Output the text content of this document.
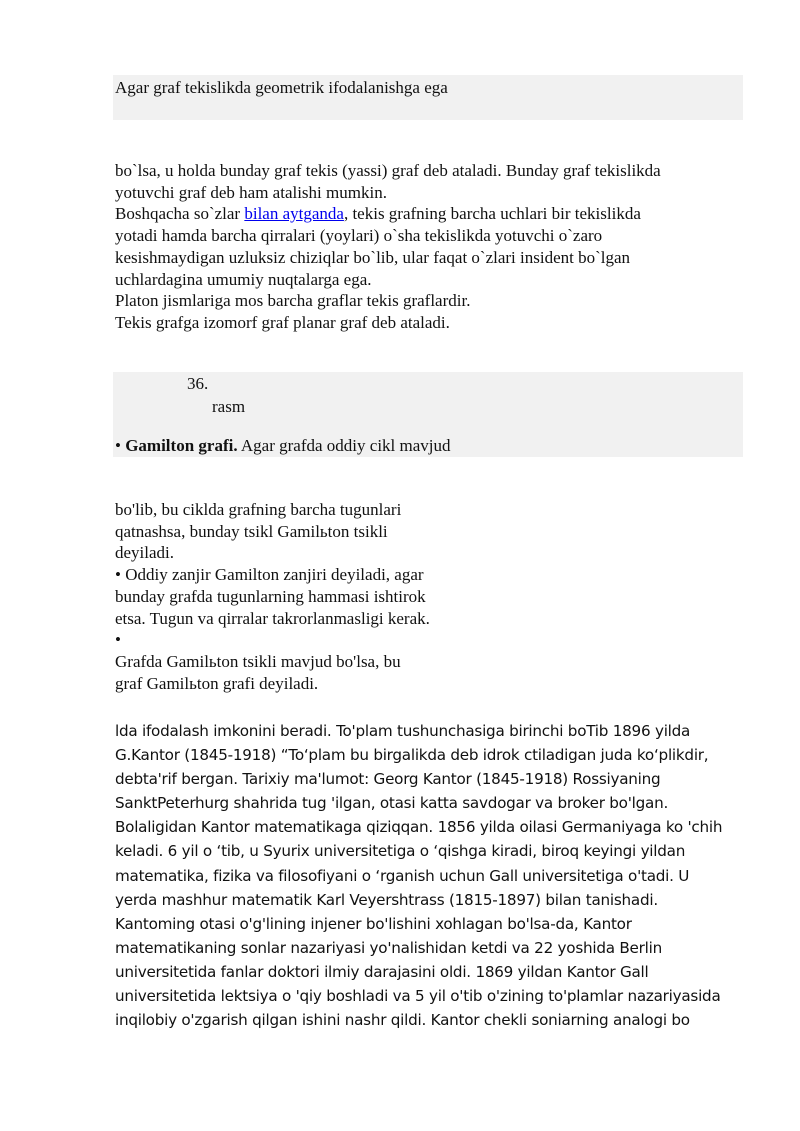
Agar graf tekislikda geometrik ifodalanishga ega

bo`lsa, u holda bunday graf tekis (yassi) graf deb ataladi. Bunday graf tekislikda

yotuvchi graf deb ham atalishi mumkin.

Boshqacha so`zlar bilan aytganda, tekis grafning barcha uchlari bir tekislikda

yotadi hamda barcha qirralari (yoylari) o`sha tekislikda yotuvchi o`zaro

kesishmaydigan uzluksiz chiziqlar bo`lib, ular faqat o`zlari insident bo`lgan

uchlardagina umumiy nuqtalarga ega.

Platon jismlariga mos barcha graflar tekis graflardir.

Tekis grafga izomorf graf planar graf deb ataladi.

36.
rasm
• Gamilton grafi. Agar grafda oddiy cikl mavjud

bo'lib, bu cikldа grafning barcha tugunlari

qatnashsa, bunday tsikl Gamilьton tsikli

deyiladi.

• Oddiy zanjir Gamilton zanjiri deyiladi, agar

bunday grafda tugunlarning hammasi ishtirok

etsa. Tugun va qirralar takrorlanmasligi kerak.

•

Grafda Gamilьton tsikli mavjud bo'lsa, bu

graf Gamilьton grafi deyiladi.

lda ifodalash imkonini beradi. To'plam tushunchasiga birinchi boTib 1896 yilda

G.Kantor (1845-1918) “To‘plam bu birgalikda deb idrok ctiladigan juda ko‘plikdir,

debta'rif bergan. Tarixiy ma'lumot: Georg Kantor (1845-1918) Rossiyaning

SanktPeterhurg shahrida tug 'ilgan, otasi katta savdogar va broker bo'lgan.

Bolaligidan Kantor matematikaga qiziqqan. 1856 yilda oilasi Germaniyaga ko 'chih

keladi. 6 yil o ‘tib, u Syurix universitetiga o ‘qishga kiradi, biroq keyingi yildan

matematika, fizika va filosofiyani o ‘rganish uchun Gall universitetiga o'tadi. U

yerda mashhur matematik Karl Veyershtrass (1815-1897) bilan tanishadi.

Kantoming otasi o'g'lining injener bo'lishini xohlagan bo'lsa-da, Kantor

matematikaning sonlar nazariyasi yo'nalishidan ketdi va 22 yoshida Berlin

universitetida fanlar doktori ilmiy darajasini oldi. 1869 yildan Kantor Gall

universitetida lektsiya o 'qiy boshladi va 5 yil o'tib o'zining to'plamlar nazariyasida

inqilobiy o'zgarish qilgan ishini nashr qildi. Kantor chekli soniarning analogi bo
